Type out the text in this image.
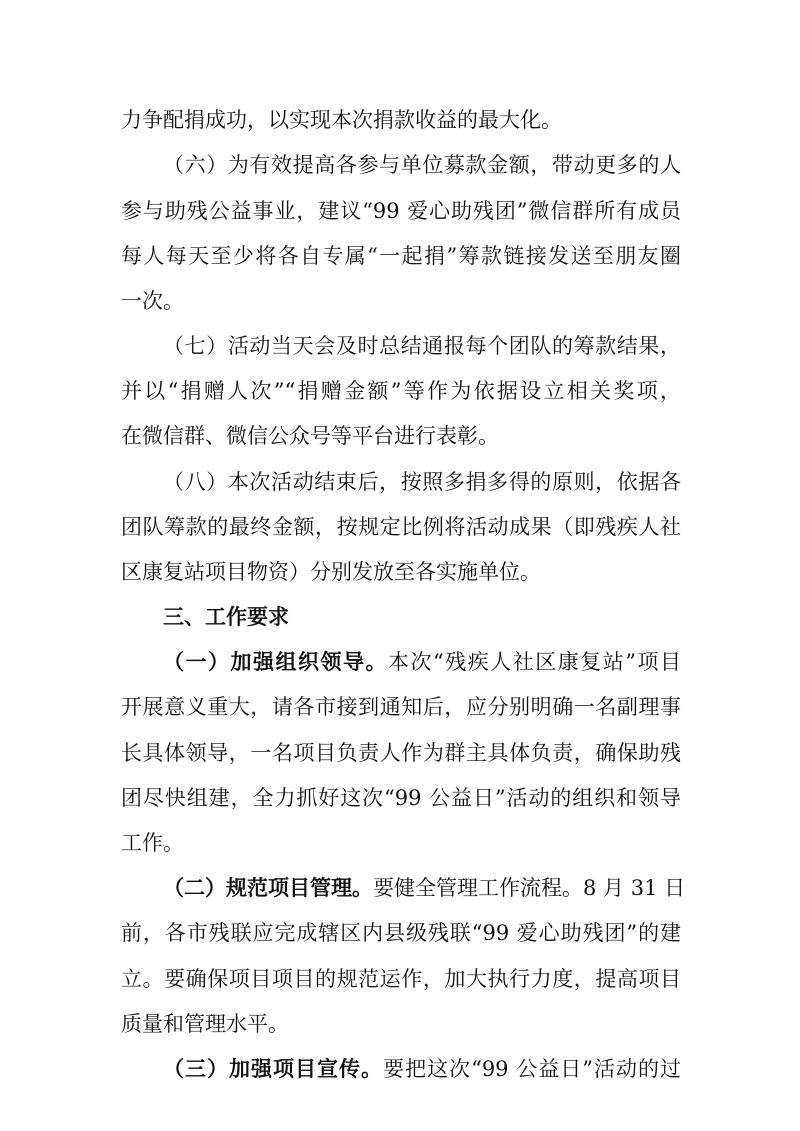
力争配捐成功，以实现本次捐款收益的最大化。
（六）为有效提高各参与单位募款金额，带动更多的人
参与助残公益事业，建议“99 爱心助残团”微信群所有成员
每人每天至少将各自专属“一起捐”筹款链接发送至朋友圈
一次。
（七）活动当天会及时总结通报每个团队的筹款结果，
并以“捐赠人次”“捐赠金额”等作为依据设立相关奖项，
在微信群、微信公众号等平台进行表彰。
（八）本次活动结束后，按照多捐多得的原则，依据各
团队筹款的最终金额，按规定比例将活动成果（即残疾人社
区康复站项目物资）分别发放至各实施单位。
三、工作要求
（一）加强组织领导。本次“残疾人社区康复站”项目
开展意义重大，请各市接到通知后，应分别明确一名副理事
长具体领导，一名项目负责人作为群主具体负责，确保助残
团尽快组建，全力抓好这次“99 公益日”活动的组织和领导
工作。
（二）规范项目管理。要健全管理工作流程。8 月 31 日
前，各市残联应完成辖区内县级残联“99 爱心助残团”的建
立。要确保项目项目的规范运作，加大执行力度，提高项目
质量和管理水平。
（三）加强项目宣传。要把这次“99 公益日”活动的过
